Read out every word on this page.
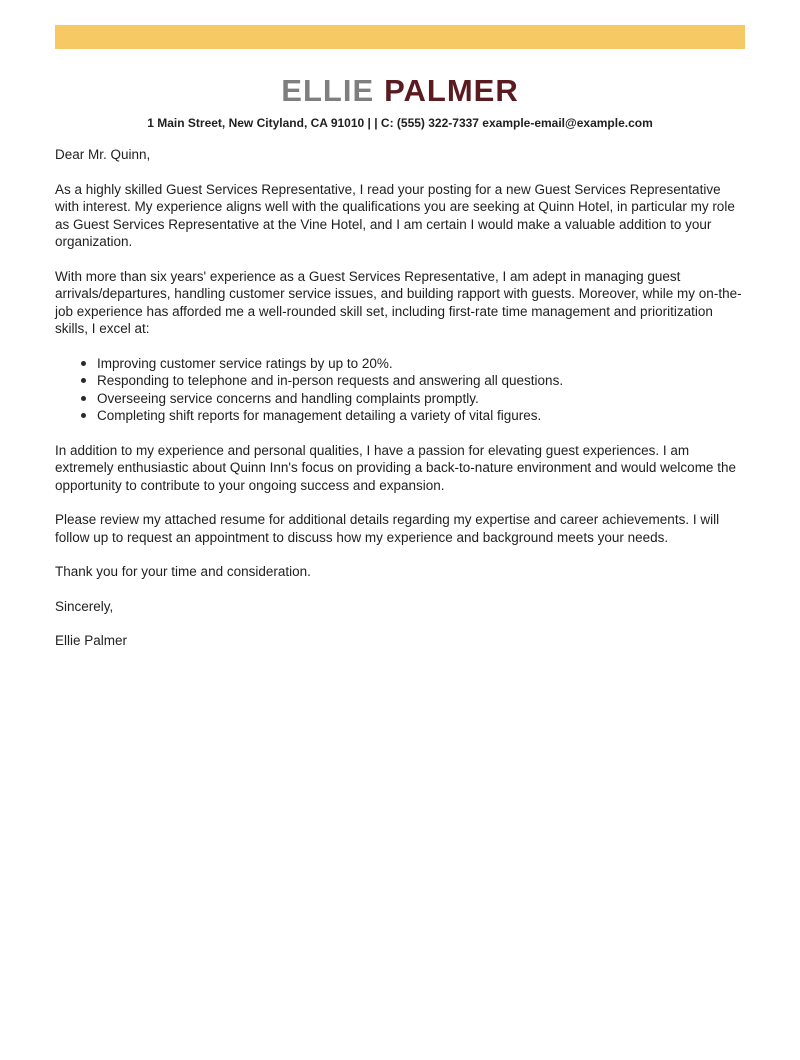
ELLIE PALMER
1 Main Street, New Cityland, CA 91010 | | C: (555) 322-7337 example-email@example.com

Dear Mr. Quinn,

As a highly skilled Guest Services Representative, I read your posting for a new Guest Services Representative with interest. My experience aligns well with the qualifications you are seeking at Quinn Hotel, in particular my role as Guest Services Representative at the Vine Hotel, and I am certain I would make a valuable addition to your organization.

With more than six years' experience as a Guest Services Representative, I am adept in managing guest arrivals/departures, handling customer service issues, and building rapport with guests. Moreover, while my on-the-job experience has afforded me a well-rounded skill set, including first-rate time management and prioritization skills, I excel at:

Improving customer service ratings by up to 20%.
Responding to telephone and in-person requests and answering all questions.
Overseeing service concerns and handling complaints promptly.
Completing shift reports for management detailing a variety of vital figures.

In addition to my experience and personal qualities, I have a passion for elevating guest experiences. I am extremely enthusiastic about Quinn Inn's focus on providing a back-to-nature environment and would welcome the opportunity to contribute to your ongoing success and expansion.

Please review my attached resume for additional details regarding my expertise and career achievements. I will follow up to request an appointment to discuss how my experience and background meets your needs.

Thank you for your time and consideration.

Sincerely,

Ellie Palmer
